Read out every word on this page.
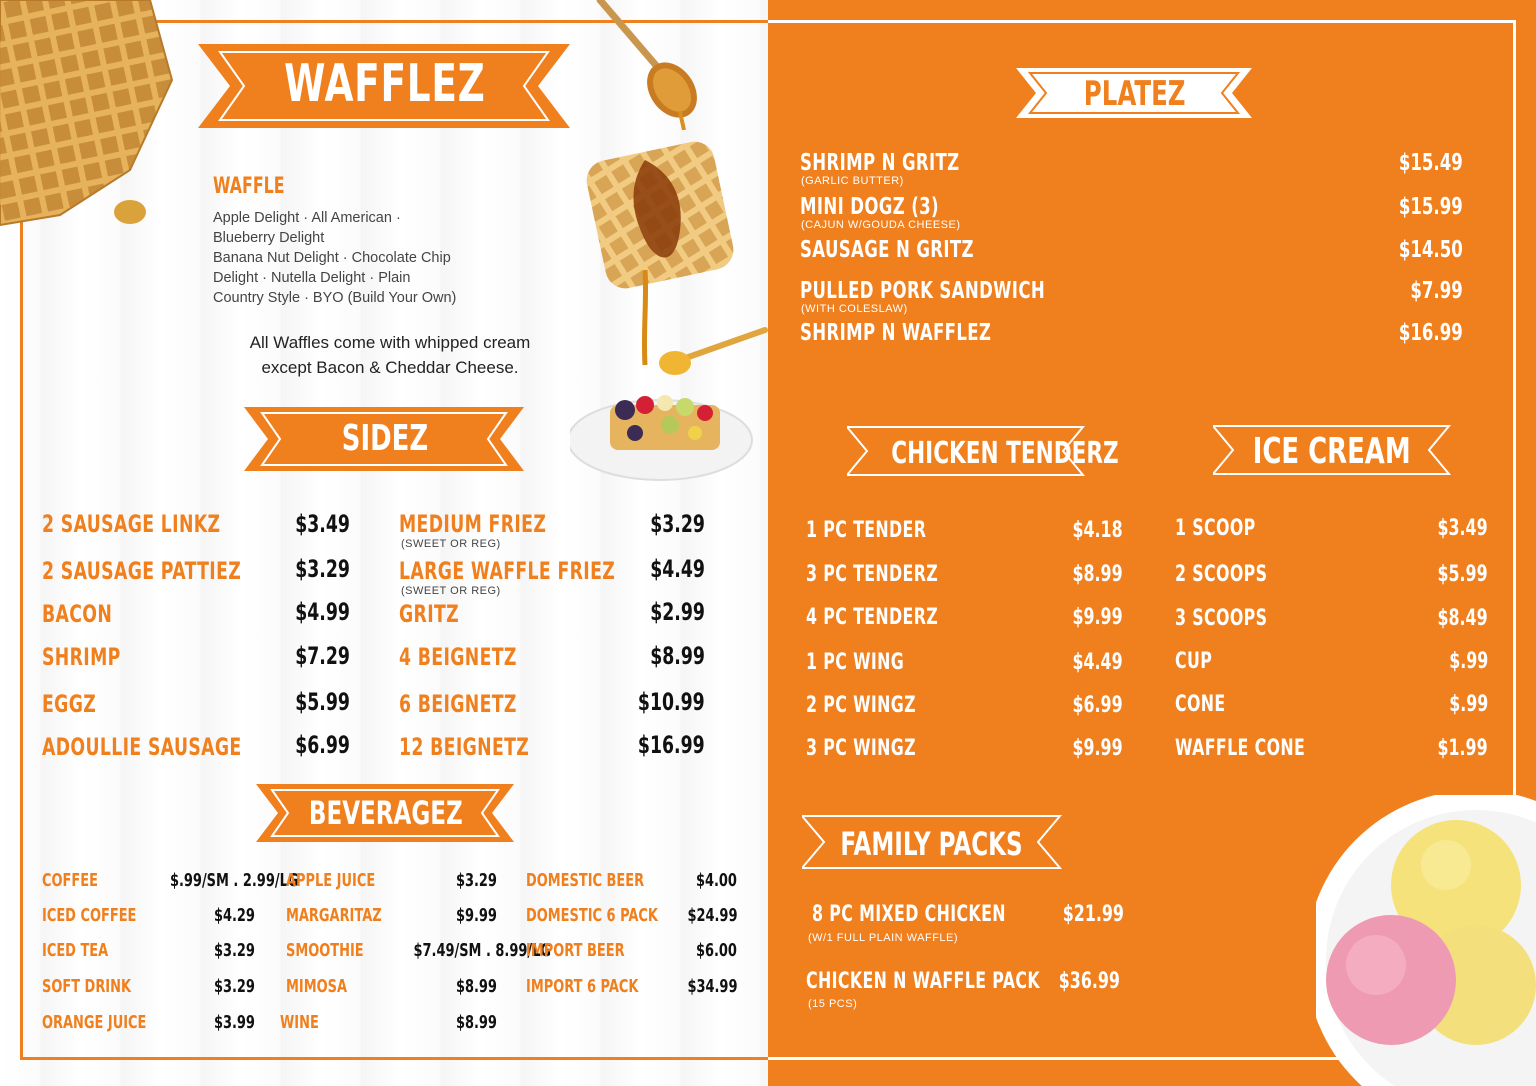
WAFFLEZ
WAFFLE
Apple Delight · All American ·
Blueberry Delight
Banana Nut Delight · Chocolate Chip
Delight · Nutella Delight · Plain
Country Style · BYO (Build Your Own)
All Waffles come with whipped cream
except Bacon & Cheddar Cheese.
SIDEZ
2 SAUSAGE LINKZ	$3.49
2 SAUSAGE PATTIEZ	$3.29
BACON	$4.99
SHRIMP	$7.29
EGGZ	$5.99
ADOULLIE SAUSAGE	$6.99
MEDIUM FRIEZ
(SWEET OR REG)
$3.29
LARGE WAFFLE FRIEZ
(SWEET OR REG)
$4.49
GRITZ	$2.99
4 BEIGNETZ	$8.99
6 BEIGNETZ	$10.99
12 BEIGNETZ	$16.99
BEVERAGEZ
COFFEE	$.99/SM . 2.99/LG
ICED COFFEE	$4.29
ICED TEA	$3.29
SOFT DRINK	$3.29
ORANGE JUICE	$3.99
APPLE JUICE	$3.29
MARGARITAZ	$9.99
SMOOTHIE	$7.49/SM . 8.99/LG
MIMOSA	$8.99
WINE	$8.99
DOMESTIC BEER	$4.00
DOMESTIC 6 PACK	$24.99
IMPORT BEER	$6.00
IMPORT 6 PACK	$34.99
PLATEZ
SHRIMP N GRITZ
(GARLIC BUTTER)
$15.49
MINI DOGZ (3)
(CAJUN W/GOUDA CHEESE)
$15.99
SAUSAGE N GRITZ	$14.50
PULLED PORK SANDWICH
(WITH COLESLAW)
$7.99
SHRIMP N WAFFLEZ	$16.99
CHICKEN TENDERZ	ICE CREAM
1 PC TENDER	$4.18
3 PC TENDERZ	$8.99
4 PC TENDERZ	$9.99
1 PC WING	$4.49
2 PC WINGZ	$6.99
3 PC WINGZ	$9.99
1 SCOOP	$3.49
2 SCOOPS	$5.99
3 SCOOPS	$8.49
CUP	$.99
CONE	$.99
WAFFLE CONE	$1.99
FAMILY PACKS
8 PC MIXED CHICKEN
(W/1 FULL PLAIN WAFFLE)
$21.99
CHICKEN N WAFFLE PACK
(15 PCS)
$36.99
